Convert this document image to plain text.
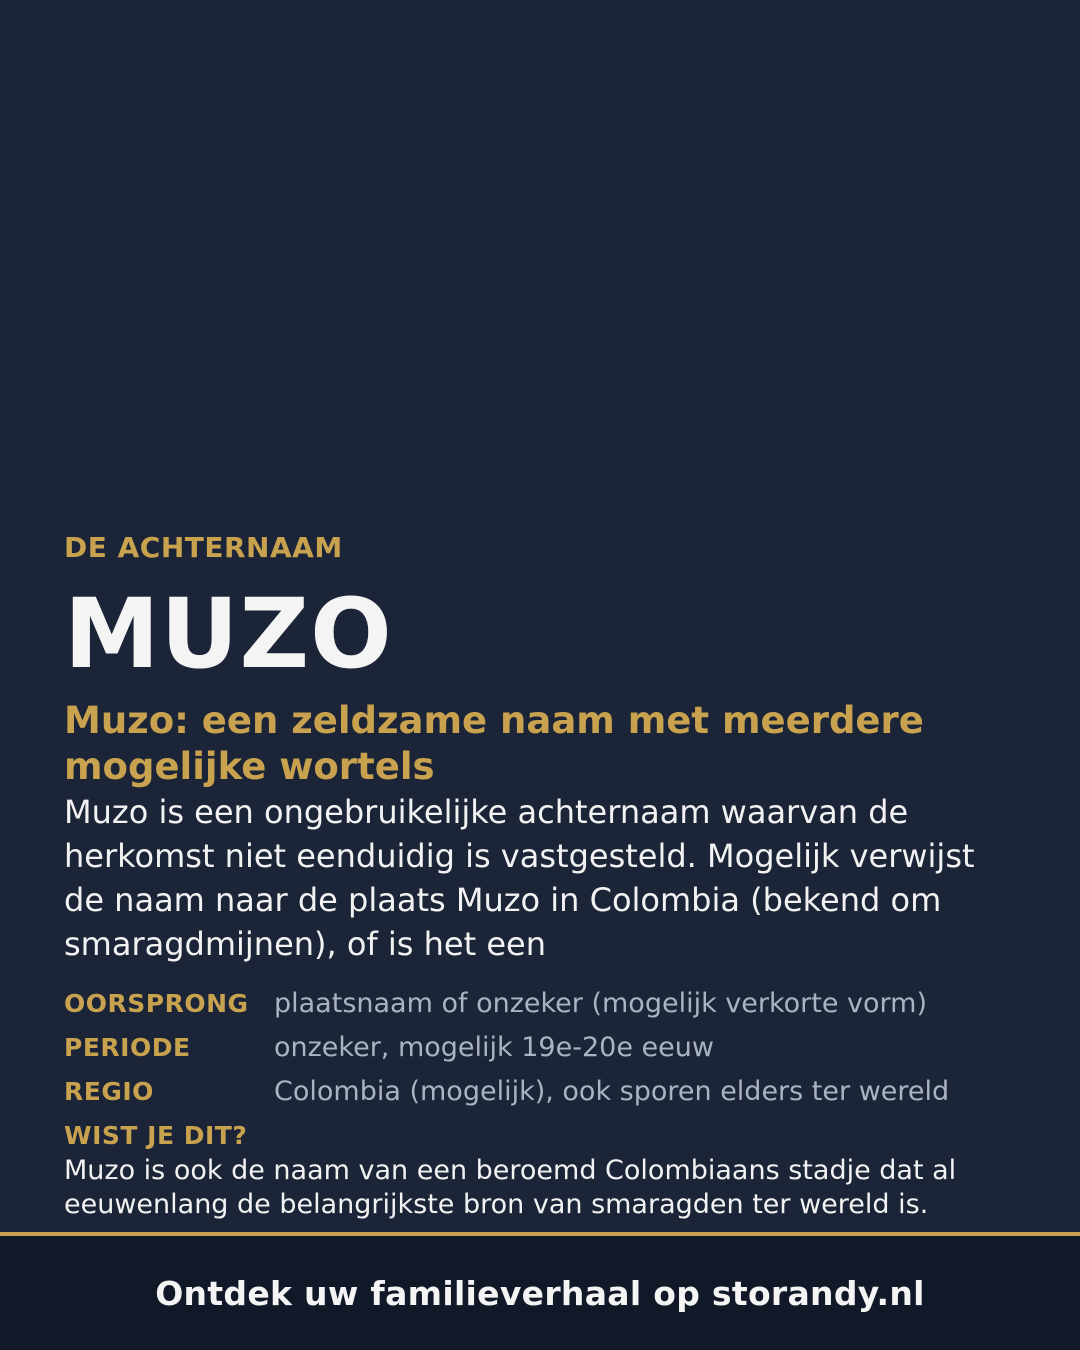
DE ACHTERNAAM

MUZO
Muzo: een zeldzame naam met meerdere mogelijke wortels

Muzo is een ongebruikelijke achternaam waarvan de herkomst niet eenduidig is vastgesteld. Mogelijk verwijst de naam naar de plaats Muzo in Colombia (bekend om smaragdmijnen), of is het een

OORSPRONG plaatsnaam of onzeker (mogelijk verkorte vorm)
PERIODE	onzeker, mogelijk 19e-20e eeuw
REGIO	Colombia (mogelijk), ook sporen elders ter wereld

WIST JE DIT?

Muzo is ook de naam van een beroemd Colombiaans stadje dat al eeuwenlang de belangrijkste bron van smaragden ter wereld is.

Ontdek uw familieverhaal op storandy.nl
